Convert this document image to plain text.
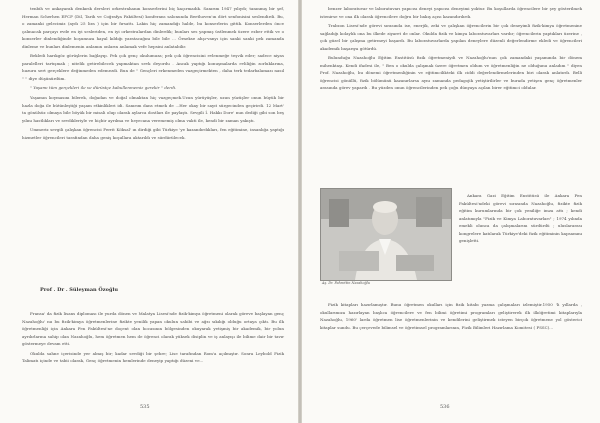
tenbih ve ankayarak denkırık dersleri orkestrahanın konserlerini biç kaçırmadık. Sanırım 1947 yılıydı; tanınmış bir şef, Herman Scherhen EFCP (Dil, Tarih ve Coğrafya Fakültesi) konferans salonunda Beethoven'ın dört senfonisini seslendirdi. Bu, o zamanki gelecimiz (aydı 25 lira ) için bir fırsattı. Lakin hiç zamandığı halde, bu konserlerin gittik. Konserlerden önce çalınacak parçayı evde en iyi sesleriden, en iyi orkestralardan dinlerdik; bunları ses yapmış üstlenmek üzere ezber ettik ve o konserler dinlendiğinde hoşumuza hayal kıldığı yaratacağını bile bile ... Örnekse ahşı-vanyı için sanki sanki pek zamanda dinleme ve bunları dinlemenin anlamın onların anlamak vefe hepsini anlatabilir.

Bekledi harıkgöz görüşlerin bağlayıp. Pek çok genç okulumuza; pek çok öğrencisini evlenmeğe teşvik eder; sadece niyas paralelleri tartışmak ; nitelik getirebilecek yapmaktan sevk deyordu . Ancak yaptığı konuşmalarda evliliğin zorluklarına, huzuru sert gerçeklere değinmeden edemezdi. Bun de " Gençleri erkenmeden vazgeçirmekten , daha terk tedarbalamazı nasıl " " diye düşünürdüm.

" Yaşamı tüm gerçekleri ile ve dürüstçe kabullenmemiz gerekir " derdi.

Yaşamın koymasını bilerek, doğadan ve doğal olmaktan hiç vazgeçmek.Uzun yürüyüşler, uzun yüzüşler onun büyük bir hazla doğa ile bütünleştiği yaşam etkinlikleri idi. Sanırım dans etmek de ...Her okay bir sayıt sürgecinden geçirirdi. 12 Mart' ta gönülsüz olmaya bile böyük bir misali olup olarak aylarca dostları ile paylaştı. Sevgili İ. Hakkı Dore' nun dediği gibi son beş yılını hastlıkları ve sevdikleriyle ve hiçbir ayrılma ve heyecana verememiş olma vakti ile, kendi bir zaman yakıştı.

Ummeriz sevgili çalışkan öğrencisi Ferrit Köksal' ın dirdiği gibi Türkiye 'ye kazandırdıkları, fen eğitimine, insanlığa yaptığı hizmetler öğrencileri tarafından daha geniş koşullara aktarıldı ve sürdürülecek.

Prof . Dr . Süleyman Özoğlu

Fransa' da fizik lisans diploması ile yurda dönen ve Malatya Lisesi'nde fizik-kimya öğretmeni olarak göreve başlayan genç Nazahoğlu' nu bu fizik-kimya öğretmenlerine fizikte yenilik yapan okulun sahibi ve ağzı sıkılığı olduğu ortaya çıktı. Bu ilk öğretmenliği için Ankara Fen Fakültesi'ne doçent olan hocasının bölgesinden okuyarak yetişmiş bir akademik, bir yolun ayrılırlarına sahip olan Nazahoğlu, hem öğretmen hem de öğrenci olarak yüksek disiplin ve iş anlayışı ile bilime dair bir tavır göstermeye devam etti.

Okulda sahne içerisinde yer almış bir; kadar sevdiği bir şehre; Lise tarafından Rom'a açılmıştır. Sonra Leybold Fizik Talimatı içinde ve tabii olarak, Genç öğretmenin hemlerinde deneyip yaptığı düzeni ve...

535

benzer laboratuvar ve laboratuvarı yapıcısı deneyi yapıcısı deneyimi yoktur. Bu koşullarda öğrencilere bir şey gösterilmek istenirse ve ona ilk olarak öğrencilere doğru bir bakış açısı kazandırılırdı.

Trabzon Lisesi'nde görevi sırasında ise, enerjik, zeki ve çalışkan öğrencilerin bir çok deneyimli fizik-kimya öğretmenine sağladığı kolaylık ona bu ilkede ziyaret de onlar. Okulda fizik ve kimya laboratuvarları vardır; öğrencilerin yaptıkları üzerine , çok güzel bir çalışma getirmeyi başardı. Bu laboratuvarlarda yapılan deneylere düzenli değerlendirme ekledi ve öğrencileri akademik başarıya götürdü.

Bulunduğu Nazahoğlu Eğitim Enstitüsü fizik öğretmeniydi ve Nazahoğlu'nun çok zamandaki yaşamında bir dönem mihenktaşı. Kendi ifadesi ile, " Ben o okulda çalışmak üzere öğretmen oldum ve öğretmenliğin ne olduğunu anladım " diyen Prof. Nazahoğlu, bu dönemi öğretmenliğinin ve eğitimcilikteki ilk ciddi değerlendirmelerinden biri olarak anlatırdı. Belli öğrencisi gönüllü, fizik bölümünü kazanırlarsa aynı zamanda pedagojik yetiştirilirler ve burada yetişen genç öğretmenler arasında görev yapardı . Bu yüzden onun öğrencilerinden pek çoğu dünyaya açılan birer eğitimci oldular.

Aş. Dr. Fahrettin Nazahoğlu

Ankara Gazi Eğitim Enstitüsü ile Ankara Fen Fakültesi'ndeki görevi sırasında Nazahoğlu, fizikte fizik eğitim kurumlarında bir çok yeniliğe imza attı ; kendi anlatımıyla "Fizik ve Kimya Laboratuvarları" ; 1974 yılında emekli olunca da çalışmalarını sürdürdü ; uluslararası kongrelere katılarak Türkiye'deki fizik eğitiminin kapsamını genişletti.

Fizik kitapları hazırlamıştır. Bunu öğretmen okulları için fizik kitabı yazma çalışmaları izlemiştir.1950 'li yıllarda , okullarımıza hazırlayan başlıca öğrencilere ve fen bilimi öğretimi programları geliştirerek ilk ilköğretimi kitaplarıyla Nazahoğlu, 1960' larda öğretmen lise öğretmenlerinin ve kendilerini geliştirmek isteyen birçok öğretmene yol gösterici kitaplar sundu. Bu çerçevede bilimsel ve öğretimsel programlarının, Fizik Bilimleri Hazırlama Komitesi ( PSSC)...

536
